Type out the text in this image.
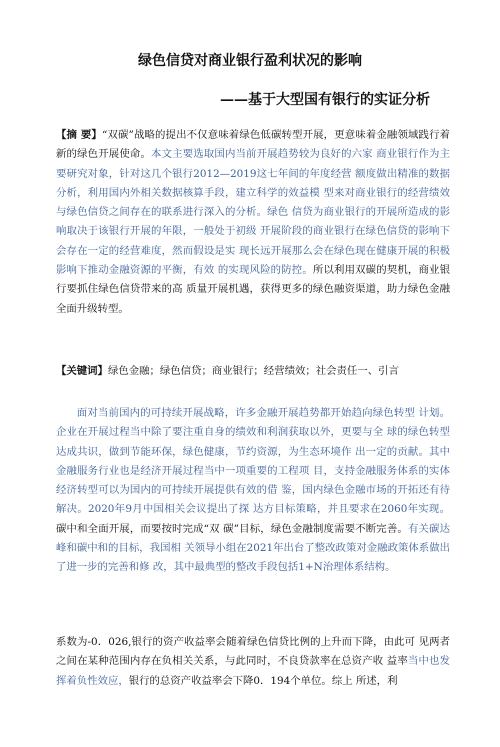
绿色信贷对商业银行盈利状况的影响
——基于大型国有银行的实证分析
【摘 要】“双碳”战略的提出不仅意味着绿色低碳转型开展，更意味着金融领域践行着新的绿色开展使命。本文主要选取国内当前开展趋势较为良好的六家 商业银行作为主要研究对象，针对这几个银行2012—2019这七年间的年度经营 额度做出精准的数据分析，利用国内外相关数据核算手段，建立科学的效益模 型来对商业银行的经营绩效与绿色信贷之间存在的联系进行深入的分析。绿色 信贷为商业银行的开展所造成的影响取决于该银行开展的年限，一般处于初级 开展阶段的商业银行在绿色信贷的影响下会存在一定的经营难度，然而假设是实 现长远开展那么会在绿色现在健康开展的积极影响下推动金融资源的平衡，有效 的实现风险的防控。所以利用双碳的契机，商业银行要抓住绿色信贷带来的高 质量开展机遇，获得更多的绿色融资渠道，助力绿色金融全面升级转型。
【关键词】绿色金融；绿色信贷；商业银行；经营绩效；社会责任一、引言
面对当前国内的可持续开展战略，许多金融开展趋势都开始趋向绿色转型 计划。企业在开展过程当中除了要注重自身的绩效和利润获取以外，更要与全 球的绿色转型达成共识，做到节能环保，绿色健康，节约资源，为生态环境作 出一定的贡献。其中金融服务行业也是经济开展过程当中一项重要的工程项 目，支持金融服务体系的实体经济转型可以为国内的可持续开展提供有效的借 鉴，国内绿色金融市场的开拓还有待解决。2020年9月中国相关会议提出了探 达方目标策略，并且要求在2060年实现。碳中和全面开展，而要按时完成“双 碳”目标，绿色金融制度需要不断完善。有关碳达峰和碳中和的目标，我国相 关领导小组在2021年出台了整改政策对金融政策体系做出了进一步的完善和修 改，其中最典型的整改手段包括1+N治理体系结构。
系数为-0．026,银行的资产收益率会随着绿色信贷比例的上升而下降，由此可 见两者之间在某种范围内存在负相关关系，与此同时，不良贷款率在总资产收 益率当中也发挥着负性效应，银行的总资产收益率会下降0．194个单位。综上 所述，利
